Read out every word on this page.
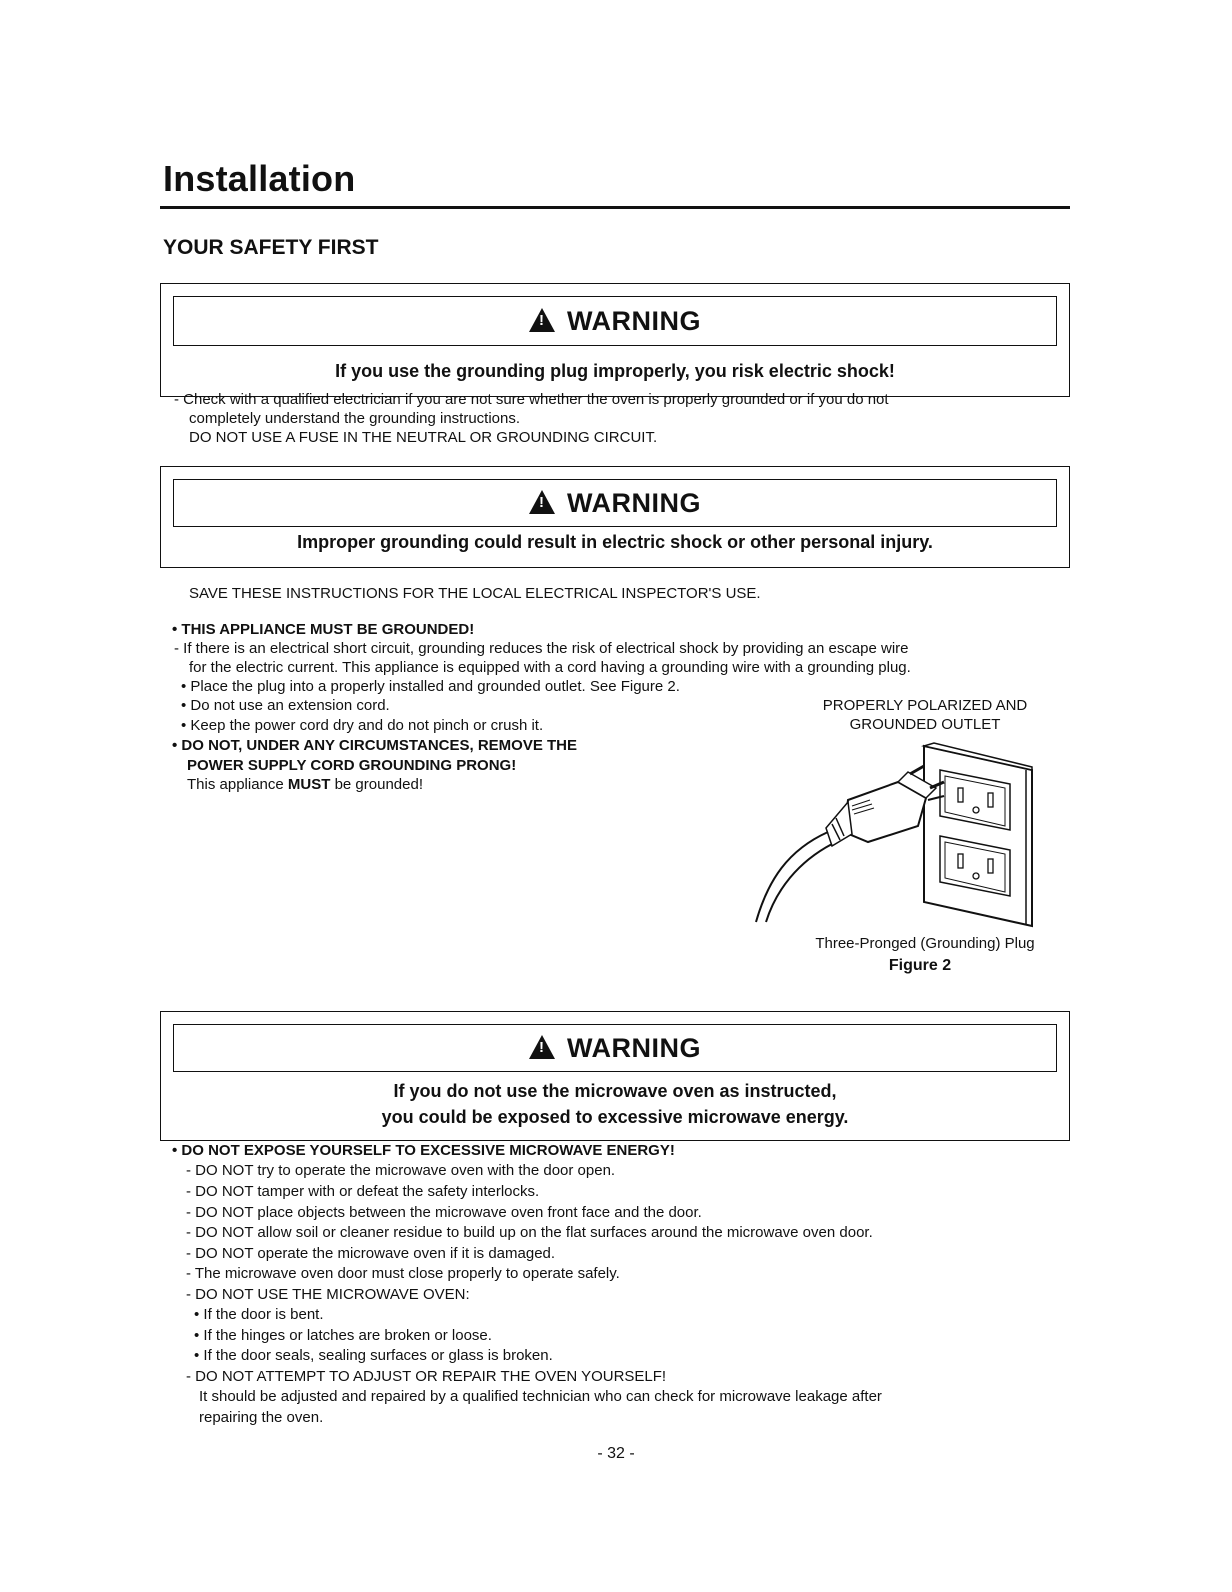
Installation
YOUR SAFETY FIRST
!
WARNING
If you use the grounding plug improperly, you risk electric shock!
- Check with a qualified electrician if you are not sure whether the oven is properly grounded or if you do not
completely understand the grounding instructions.
DO NOT USE A FUSE IN THE NEUTRAL OR GROUNDING CIRCUIT.
!
WARNING
Improper grounding could result in electric shock or other personal injury.
SAVE THESE INSTRUCTIONS FOR THE LOCAL ELECTRICAL INSPECTOR'S USE.
• THIS APPLIANCE MUST BE GROUNDED!
- If there is an electrical short circuit, grounding reduces the risk of electrical shock by providing an escape wire
for the electric current. This appliance is equipped with a cord having a grounding wire with a grounding plug.
• Place the plug into a properly installed and grounded outlet. See Figure 2.
• Do not use an extension cord.
• Keep the power cord dry and do not pinch or crush it.
• DO NOT, UNDER ANY CIRCUMSTANCES, REMOVE THE
POWER SUPPLY CORD GROUNDING PRONG!
This appliance MUST be grounded!
PROPERLY POLARIZED AND
GROUNDED OUTLET
Three-Pronged (Grounding) Plug
Figure 2
!
WARNING
If you do not use the microwave oven as instructed,
you could be exposed to excessive microwave energy.
• DO NOT EXPOSE YOURSELF TO EXCESSIVE MICROWAVE ENERGY!
- DO NOT try to operate the microwave oven with the door open.
- DO NOT tamper with or defeat the safety interlocks.
- DO NOT place objects between the microwave oven front face and the door.
- DO NOT allow soil or cleaner residue to build up on the flat surfaces around the microwave oven door.
- DO NOT operate the microwave oven if it is damaged.
- The microwave oven door must close properly to operate safely.
- DO NOT USE THE MICROWAVE OVEN:
• If the door is bent.
• If the hinges or latches are broken or loose.
• If the door seals, sealing surfaces or glass is broken.
- DO NOT ATTEMPT TO ADJUST OR REPAIR THE OVEN YOURSELF!
It should be adjusted and repaired by a qualified technician who can check for microwave leakage after
repairing the oven.
- 32 -
